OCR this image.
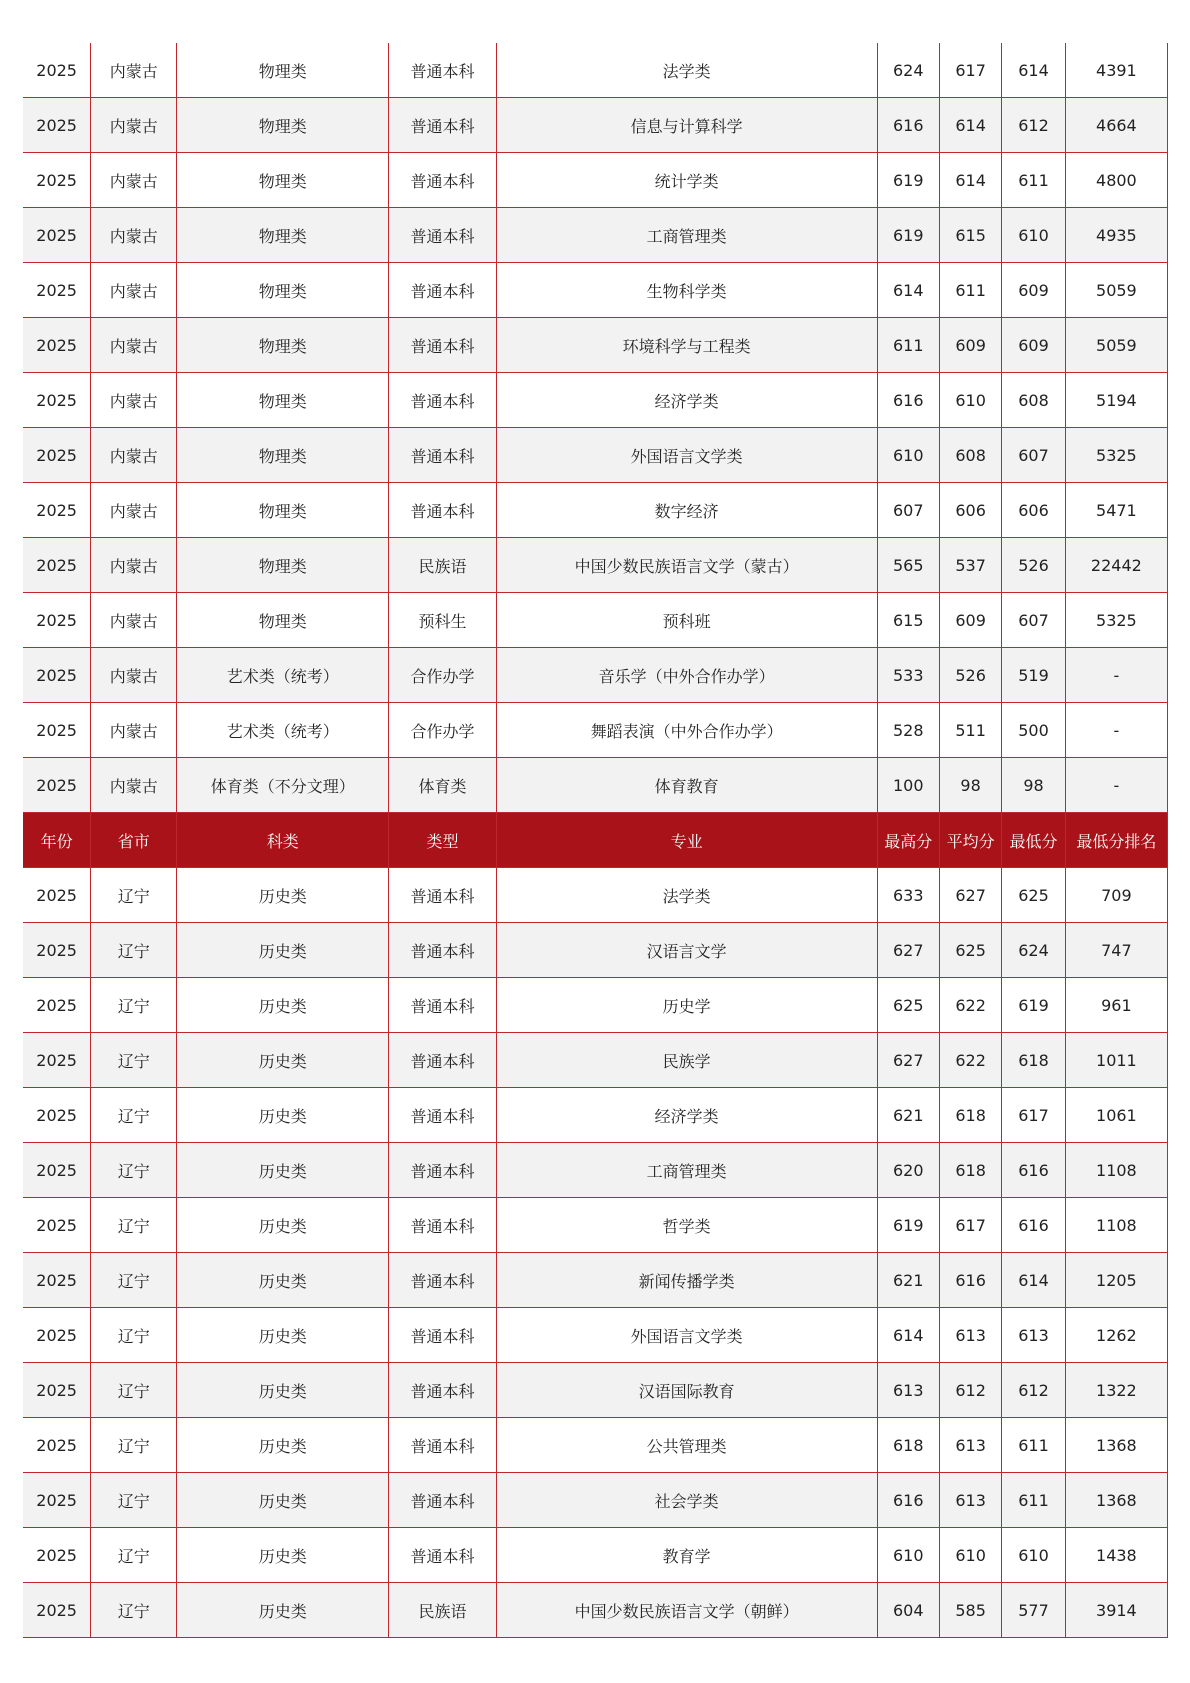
2025	内蒙古	物理类	普通本科	法学类	624	617	614	4391
2025	内蒙古	物理类	普通本科	信息与计算科学	616	614	612	4664
2025	内蒙古	物理类	普通本科	统计学类	619	614	611	4800
2025	内蒙古	物理类	普通本科	工商管理类	619	615	610	4935
2025	内蒙古	物理类	普通本科	生物科学类	614	611	609	5059
2025	内蒙古	物理类	普通本科	环境科学与工程类	611	609	609	5059
2025	内蒙古	物理类	普通本科	经济学类	616	610	608	5194
2025	内蒙古	物理类	普通本科	外国语言文学类	610	608	607	5325
2025	内蒙古	物理类	普通本科	数字经济	607	606	606	5471
2025	内蒙古	物理类	民族语	中国少数民族语言文学（蒙古）	565	537	526	22442
2025	内蒙古	物理类	预科生	预科班	615	609	607	5325
2025	内蒙古	艺术类（统考）	合作办学	音乐学（中外合作办学）	533	526	519	-
2025	内蒙古	艺术类（统考）	合作办学	舞蹈表演（中外合作办学）	528	511	500	-
2025	内蒙古	体育类（不分文理）	体育类	体育教育	100	98	98	-
年份	省市	科类	类型	专业	最高分	平均分	最低分	最低分排名
2025	辽宁	历史类	普通本科	法学类	633	627	625	709
2025	辽宁	历史类	普通本科	汉语言文学	627	625	624	747
2025	辽宁	历史类	普通本科	历史学	625	622	619	961
2025	辽宁	历史类	普通本科	民族学	627	622	618	1011
2025	辽宁	历史类	普通本科	经济学类	621	618	617	1061
2025	辽宁	历史类	普通本科	工商管理类	620	618	616	1108
2025	辽宁	历史类	普通本科	哲学类	619	617	616	1108
2025	辽宁	历史类	普通本科	新闻传播学类	621	616	614	1205
2025	辽宁	历史类	普通本科	外国语言文学类	614	613	613	1262
2025	辽宁	历史类	普通本科	汉语国际教育	613	612	612	1322
2025	辽宁	历史类	普通本科	公共管理类	618	613	611	1368
2025	辽宁	历史类	普通本科	社会学类	616	613	611	1368
2025	辽宁	历史类	普通本科	教育学	610	610	610	1438
2025	辽宁	历史类	民族语	中国少数民族语言文学（朝鲜）	604	585	577	3914
